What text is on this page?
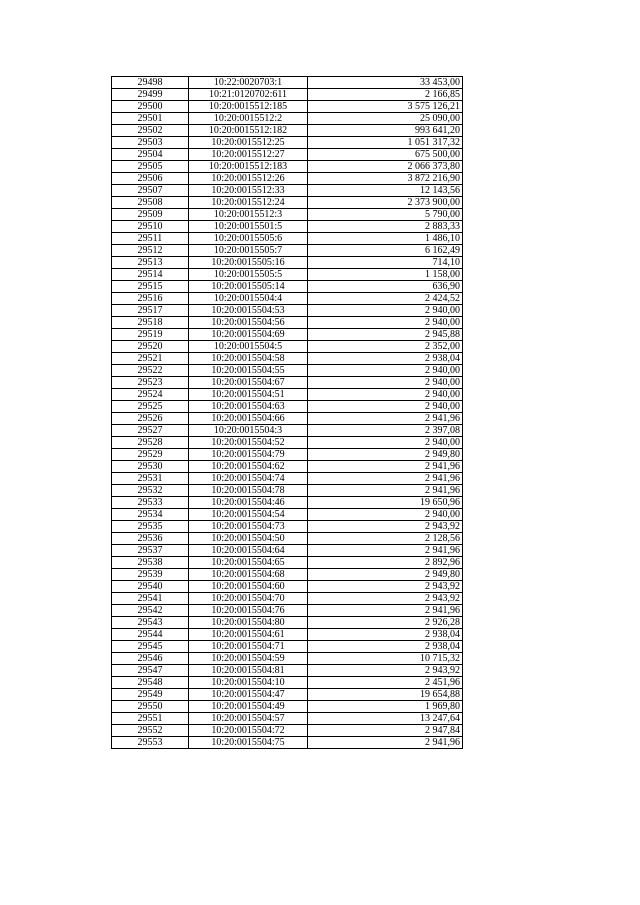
29498	10:22:0020703:1	33 453,00
29499	10:21:0120702:611	2 166,85
29500	10:20:0015512:185	3 575 126,21
29501	10:20:0015512:2	25 090,00
29502	10:20:0015512:182	993 641,20
29503	10:20:0015512:25	1 051 317,32
29504	10:20:0015512:27	675 500,00
29505	10:20:0015512:183	2 066 373,80
29506	10:20:0015512:26	3 872 216,90
29507	10:20:0015512:33	12 143,56
29508	10:20:0015512:24	2 373 900,00
29509	10:20:0015512:3	5 790,00
29510	10:20:0015501:5	2 883,33
29511	10:20:0015505:6	1 486,10
29512	10:20:0015505:7	6 162,49
29513	10:20:0015505:16	714,10
29514	10:20:0015505:5	1 158,00
29515	10:20:0015505:14	636,90
29516	10:20:0015504:4	2 424,52
29517	10:20:0015504:53	2 940,00
29518	10:20:0015504:56	2 940,00
29519	10:20:0015504:69	2 945,88
29520	10:20:0015504:5	2 352,00
29521	10:20:0015504:58	2 938,04
29522	10:20:0015504:55	2 940,00
29523	10:20:0015504:67	2 940,00
29524	10:20:0015504:51	2 940,00
29525	10:20:0015504:63	2 940,00
29526	10:20:0015504:66	2 941,96
29527	10:20:0015504:3	2 397,08
29528	10:20:0015504:52	2 940,00
29529	10:20:0015504:79	2 949,80
29530	10:20:0015504:62	2 941,96
29531	10:20:0015504:74	2 941,96
29532	10:20:0015504:78	2 941,96
29533	10:20:0015504:46	19 650,96
29534	10:20:0015504:54	2 940,00
29535	10:20:0015504:73	2 943,92
29536	10:20:0015504:50	2 128,56
29537	10:20:0015504:64	2 941,96
29538	10:20:0015504:65	2 892,96
29539	10:20:0015504:68	2 949,80
29540	10:20:0015504:60	2 943,92
29541	10:20:0015504:70	2 943,92
29542	10:20:0015504:76	2 941,96
29543	10:20:0015504:80	2 926,28
29544	10:20:0015504:61	2 938,04
29545	10:20:0015504:71	2 938,04
29546	10:20:0015504:59	10 715,32
29547	10:20:0015504:81	2 943,92
29548	10:20:0015504:10	2 451,96
29549	10:20:0015504:47	19 654,88
29550	10:20:0015504:49	1 969,80
29551	10:20:0015504:57	13 247,64
29552	10:20:0015504:72	2 947,84
29553	10:20:0015504:75	2 941,96
